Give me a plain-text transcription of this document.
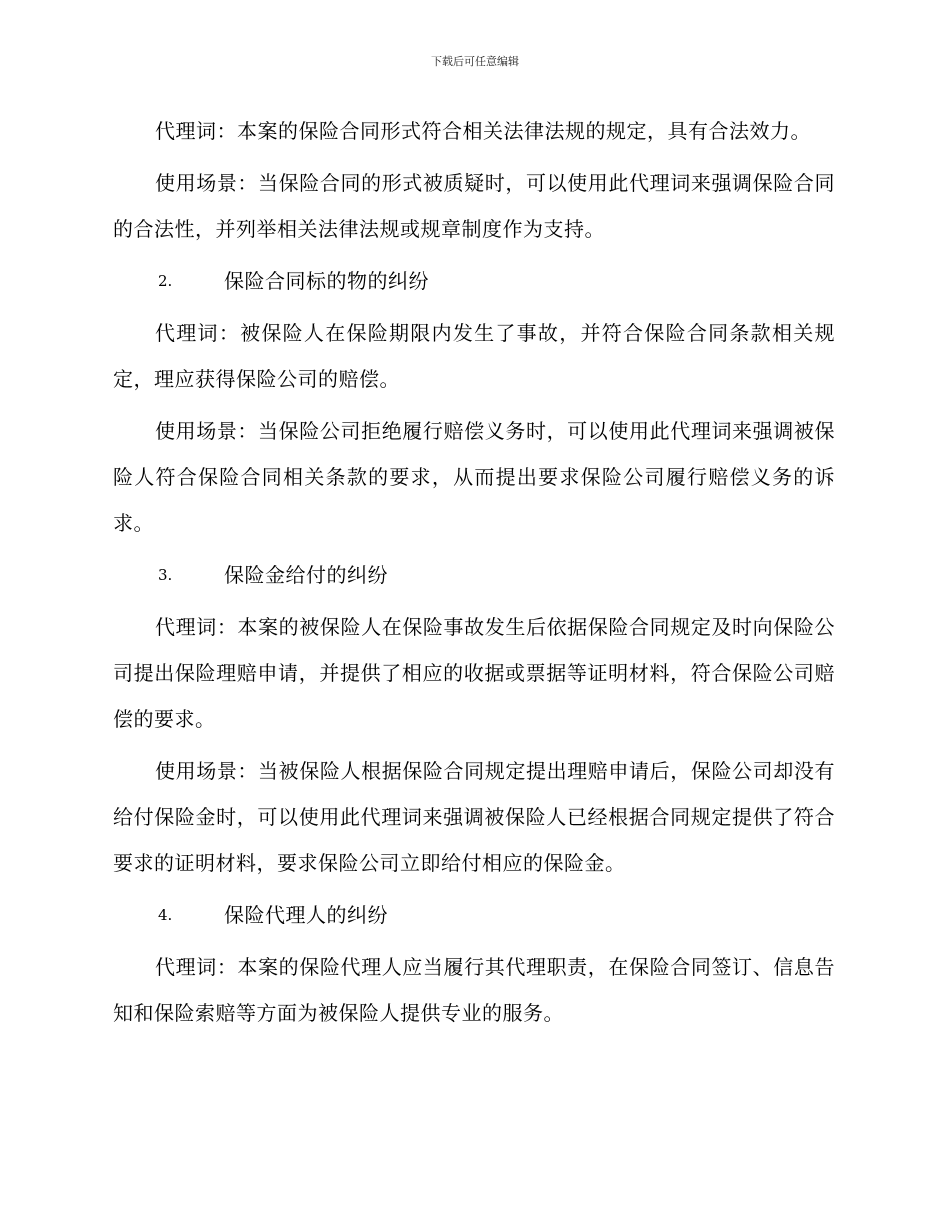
下载后可任意编辑

代理词：本案的保险合同形式符合相关法律法规的规定，具有合法效力。

使用场景：当保险合同的形式被质疑时，可以使用此代理词来强调保险合同的合法性，并列举相关法律法规或规章制度作为支持。

2.	保险合同标的物的纠纷

代理词：被保险人在保险期限内发生了事故，并符合保险合同条款相关规定，理应获得保险公司的赔偿。

使用场景：当保险公司拒绝履行赔偿义务时，可以使用此代理词来强调被保险人符合保险合同相关条款的要求，从而提出要求保险公司履行赔偿义务的诉求。

3.	保险金给付的纠纷

代理词：本案的被保险人在保险事故发生后依据保险合同规定及时向保险公司提出保险理赔申请，并提供了相应的收据或票据等证明材料，符合保险公司赔偿的要求。

使用场景：当被保险人根据保险合同规定提出理赔申请后，保险公司却没有给付保险金时，可以使用此代理词来强调被保险人已经根据合同规定提供了符合要求的证明材料，要求保险公司立即给付相应的保险金。

4.	保险代理人的纠纷

代理词：本案的保险代理人应当履行其代理职责，在保险合同签订、信息告知和保险索赔等方面为被保险人提供专业的服务。
